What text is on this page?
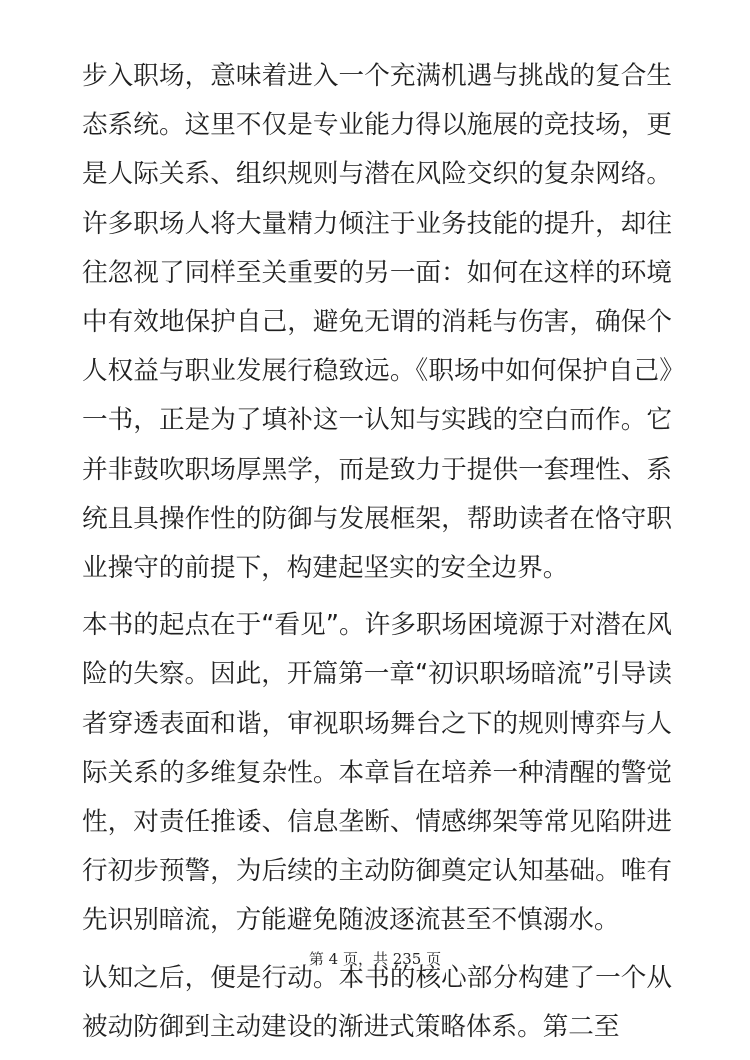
步入职场，意味着进入一个充满机遇与挑战的复合生态系统。这里不仅是专业能力得以施展的竞技场，更是人际关系、组织规则与潜在风险交织的复杂网络。许多职场人将大量精力倾注于业务技能的提升，却往往忽视了同样至关重要的另一面：如何在这样的环境中有效地保护自己，避免无谓的消耗与伤害，确保个人权益与职业发展行稳致远。《职场中如何保护自己》一书，正是为了填补这一认知与实践的空白而作。它并非鼓吹职场厚黑学，而是致力于提供一套理性、系统且具操作性的防御与发展框架，帮助读者在恪守职业操守的前提下，构建起坚实的安全边界。

本书的起点在于“看见”。许多职场困境源于对潜在风险的失察。因此，开篇第一章“初识职场暗流”引导读者穿透表面和谐，审视职场舞台之下的规则博弈与人际关系的多维复杂性。本章旨在培养一种清醒的警觉性，对责任推诿、信息垄断、情感绑架等常见陷阱进行初步预警，为后续的主动防御奠定认知基础。唯有先识别暗流，方能避免随波逐流甚至不慎溺水。

认知之后，便是行动。本书的核心部分构建了一个从被动防御到主动建设的渐进式策略体系。第二至

第 4 页，共 235 页
